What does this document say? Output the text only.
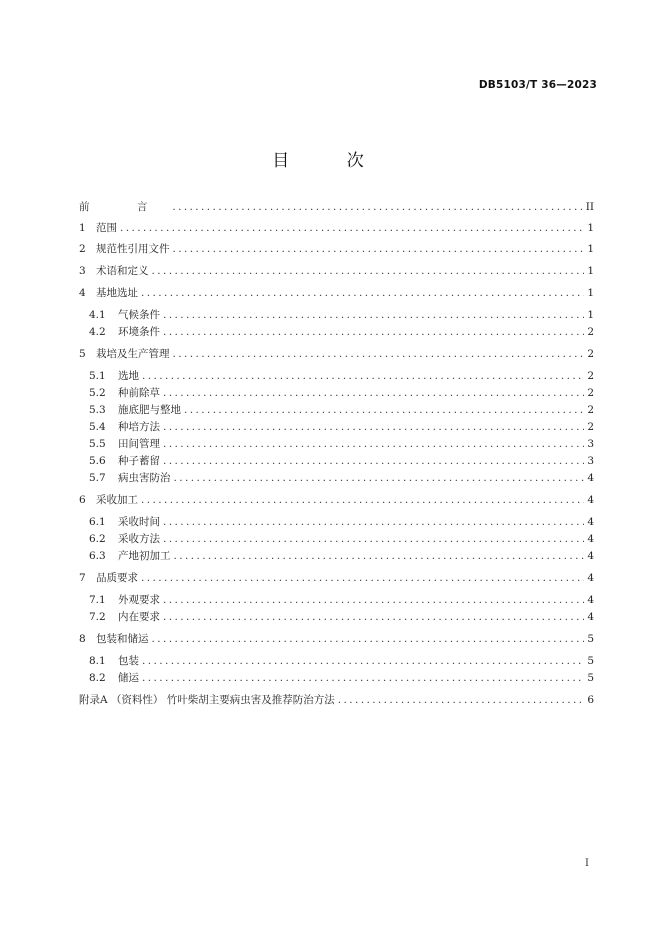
DB5103/T 36—2023
目 次
前 言 .....	II
1 范围 .....	1
2 规范性引用文件 .....	1
3 术语和定义 .....	1
4 基地选址 .....	1
4.1	气候条件 .....	1
4.2	环境条件 .....	2
5 栽培及生产管理 .....	2
5.1	选地 .....	2
5.2	种前除草 .....	2
5.3	施底肥与整地 .....	2
5.4	种培方法 .....	2
5.5	田间管理 .....	3
5.6	种子蓄留 .....	3
5.7	病虫害防治 .....	4
6 采收加工 .....	4
6.1	采收时间 .....	4
6.2	采收方法 .....	4
6.3	产地初加工 .....	4
7 品质要求 .....	4
7.1	外观要求 .....	4
7.2	内在要求 .....	4
8 包装和储运 .....	5
8.1	包装 .....	5
8.2	储运 .....	5
附录A （资料性） 竹叶柴胡主要病虫害及推荐防治方法 .....	6
I
